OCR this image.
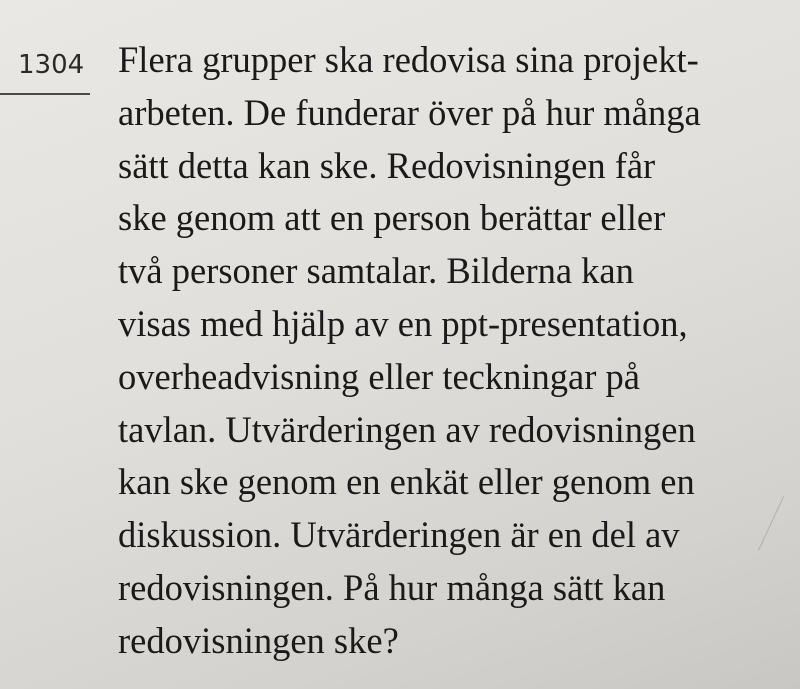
1304 Flera grupper ska redovisa sina projekt-
arbeten. De funderar över på hur många
sätt detta kan ske. Redovisningen får
ske genom att en person berättar eller
två personer samtalar. Bilderna kan
visas med hjälp av en ppt-presentation,
overheadvisning eller teckningar på
tavlan. Utvärderingen av redovisningen
kan ske genom en enkät eller genom en
diskussion. Utvärderingen är en del av
redovisningen. På hur många sätt kan
redovisningen ske?
